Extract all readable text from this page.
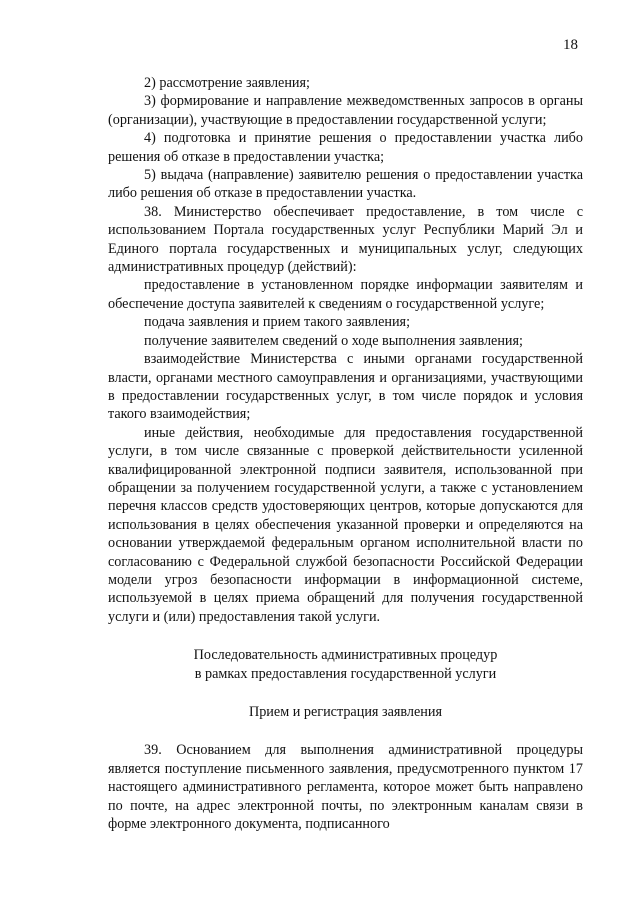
18

2) рассмотрение заявления;

3) формирование и направление межведомственных запросов в органы (организации), участвующие в предоставлении государственной услуги;

4) подготовка и принятие решения о предоставлении участка либо решения об отказе в предоставлении участка;

5) выдача (направление) заявителю решения о предоставлении участка либо решения об отказе в предоставлении участка.

38. Министерство обеспечивает предоставление, в том числе с использованием Портала государственных услуг Республики Марий Эл и Единого портала государственных и муниципальных услуг, следующих административных процедур (действий):

предоставление в установленном порядке информации заявителям и обеспечение доступа заявителей к сведениям о государственной услуге;

подача заявления и прием такого заявления;

получение заявителем сведений о ходе выполнения заявления;

взаимодействие Министерства с иными органами государственной власти, органами местного самоуправления и организациями, участвующими в предоставлении государственных услуг, в том числе порядок и условия такого взаимодействия;

иные действия, необходимые для предоставления государственной услуги, в том числе связанные с проверкой действительности усиленной квалифицированной электронной подписи заявителя, использованной при обращении за получением государственной услуги, а также с установлением перечня классов средств удостоверяющих центров, которые допускаются для использования в целях обеспечения указанной проверки и определяются на основании утверждаемой федеральным органом исполнительной власти по согласованию с Федеральной службой безопасности Российской Федерации модели угроз безопасности информации в информационной системе, используемой в целях приема обращений для получения государственной услуги и (или) предоставления такой услуги.

Последовательность административных процедур

в рамках предоставления государственной услуги

Прием и регистрация заявления

39. Основанием для выполнения административной процедуры является поступление письменного заявления, предусмотренного пунктом 17 настоящего административного регламента, которое может быть направлено по почте, на адрес электронной почты, по электронным каналам связи в форме электронного документа, подписанного
